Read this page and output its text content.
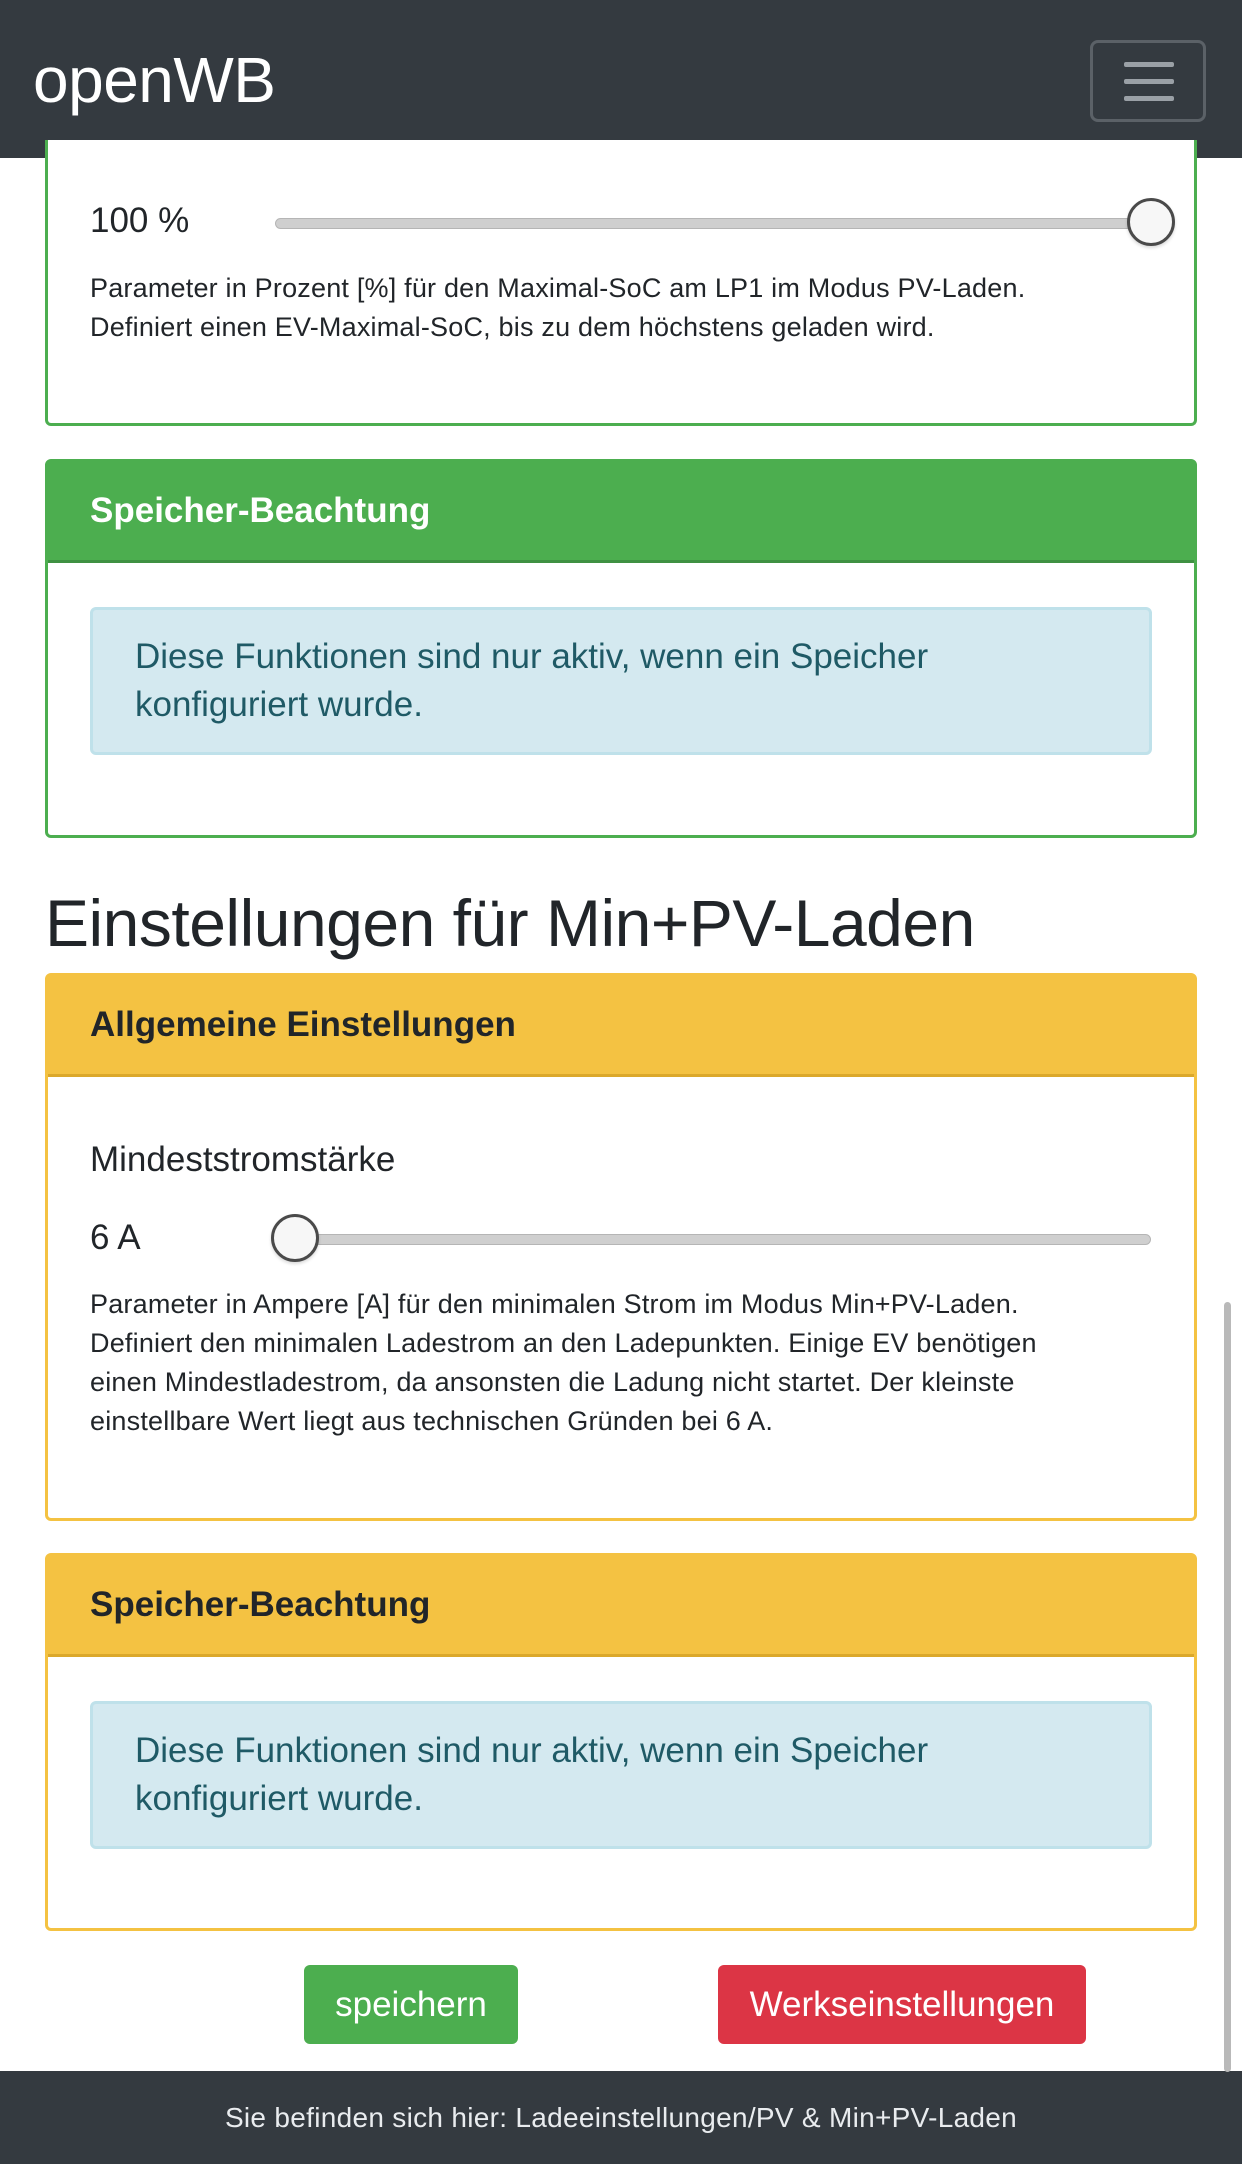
openWB
100 %
Parameter in Prozent [%] für den Maximal-SoC am LP1 im Modus PV-Laden.
Definiert einen EV-Maximal-SoC, bis zu dem höchstens geladen wird.
Speicher-Beachtung
Diese Funktionen sind nur aktiv, wenn ein Speicher
konfiguriert wurde.
Einstellungen für Min+PV-Laden
Allgemeine Einstellungen
Mindeststromstärke
6 A
Parameter in Ampere [A] für den minimalen Strom im Modus Min+PV-Laden.
Definiert den minimalen Ladestrom an den Ladepunkten. Einige EV benötigen
einen Mindestladestrom, da ansonsten die Ladung nicht startet. Der kleinste
einstellbare Wert liegt aus technischen Gründen bei 6 A.
Speicher-Beachtung
Diese Funktionen sind nur aktiv, wenn ein Speicher
konfiguriert wurde.
speichern	Werkseinstellungen
Sie befinden sich hier: Ladeeinstellungen/PV & Min+PV-Laden
